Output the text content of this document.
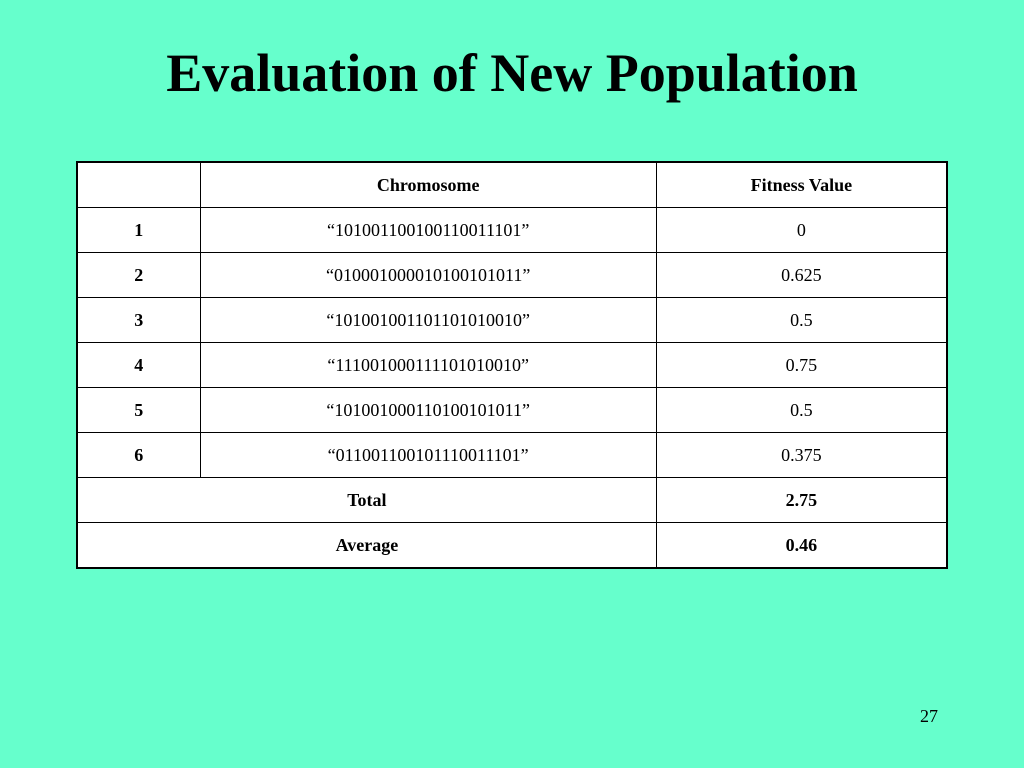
Evaluation of New Population
	Chromosome	Fitness Value
1	“101001100100110011101”	0
2	“010001000010100101011”	0.625
3	“101001001101101010010”	0.5
4	“111001000111101010010”	0.75
5	“101001000110100101011”	0.5
6	“011001100101110011101”	0.375
Total		2.75
Average		0.46
27
